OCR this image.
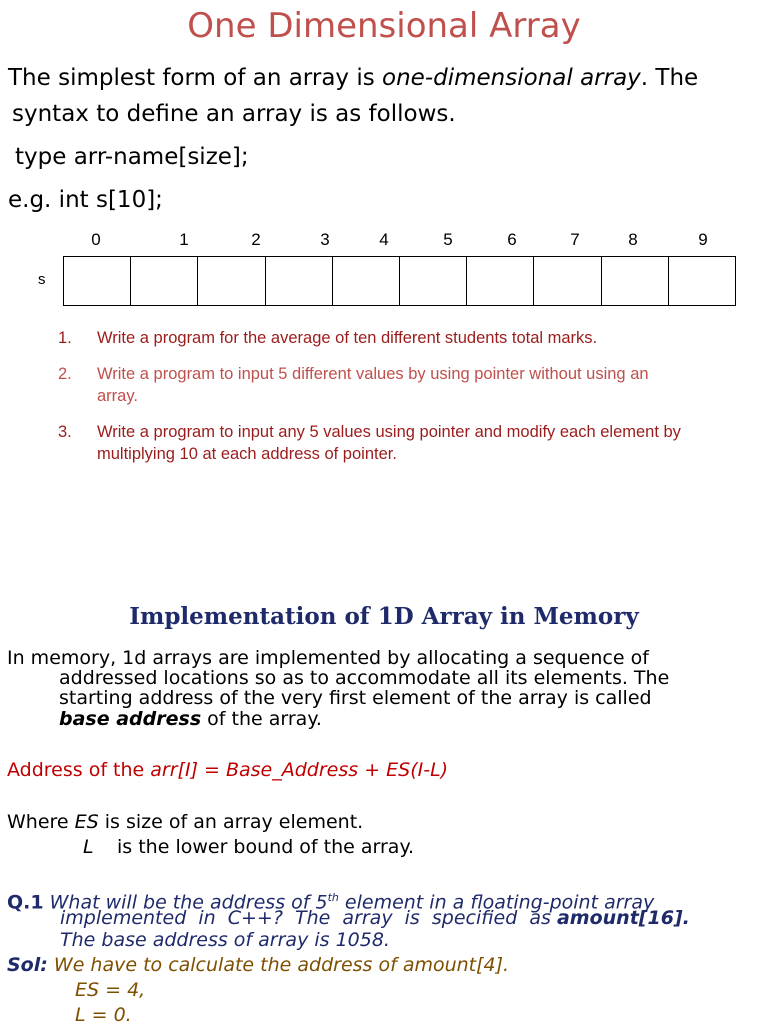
One Dimensional Array
The simplest form of an array is one-dimensional array. The
syntax to define an array is as follows.
type arr-name[size];
e.g. int s[10];
0	1	2	3	4	5	6	7	8	9
s
1. Write a program for the average of ten different students total marks.
2. Write a program to input 5 different values by using pointer without using an array.
3. Write a program to input any 5 values using pointer and modify each element by multiplying 10 at each address of pointer.
Implementation of 1D Array in Memory
In memory, 1d arrays are implemented by allocating a sequence of
addressed locations so as to accommodate all its elements. The
starting address of the very first element of the array is called
base address of the array.
Address of the arr[I] = Base_Address + ES(I-L)
Where ES is size of an array element.
L is the lower bound of the array.
Q.1 What will be the address of 5th element in a floating-point array
implemented  in  C++?  The  array  is  specified  as amount[16].
The base address of array is 1058.
Sol: We have to calculate the address of amount[4].
ES = 4,
L = 0.
